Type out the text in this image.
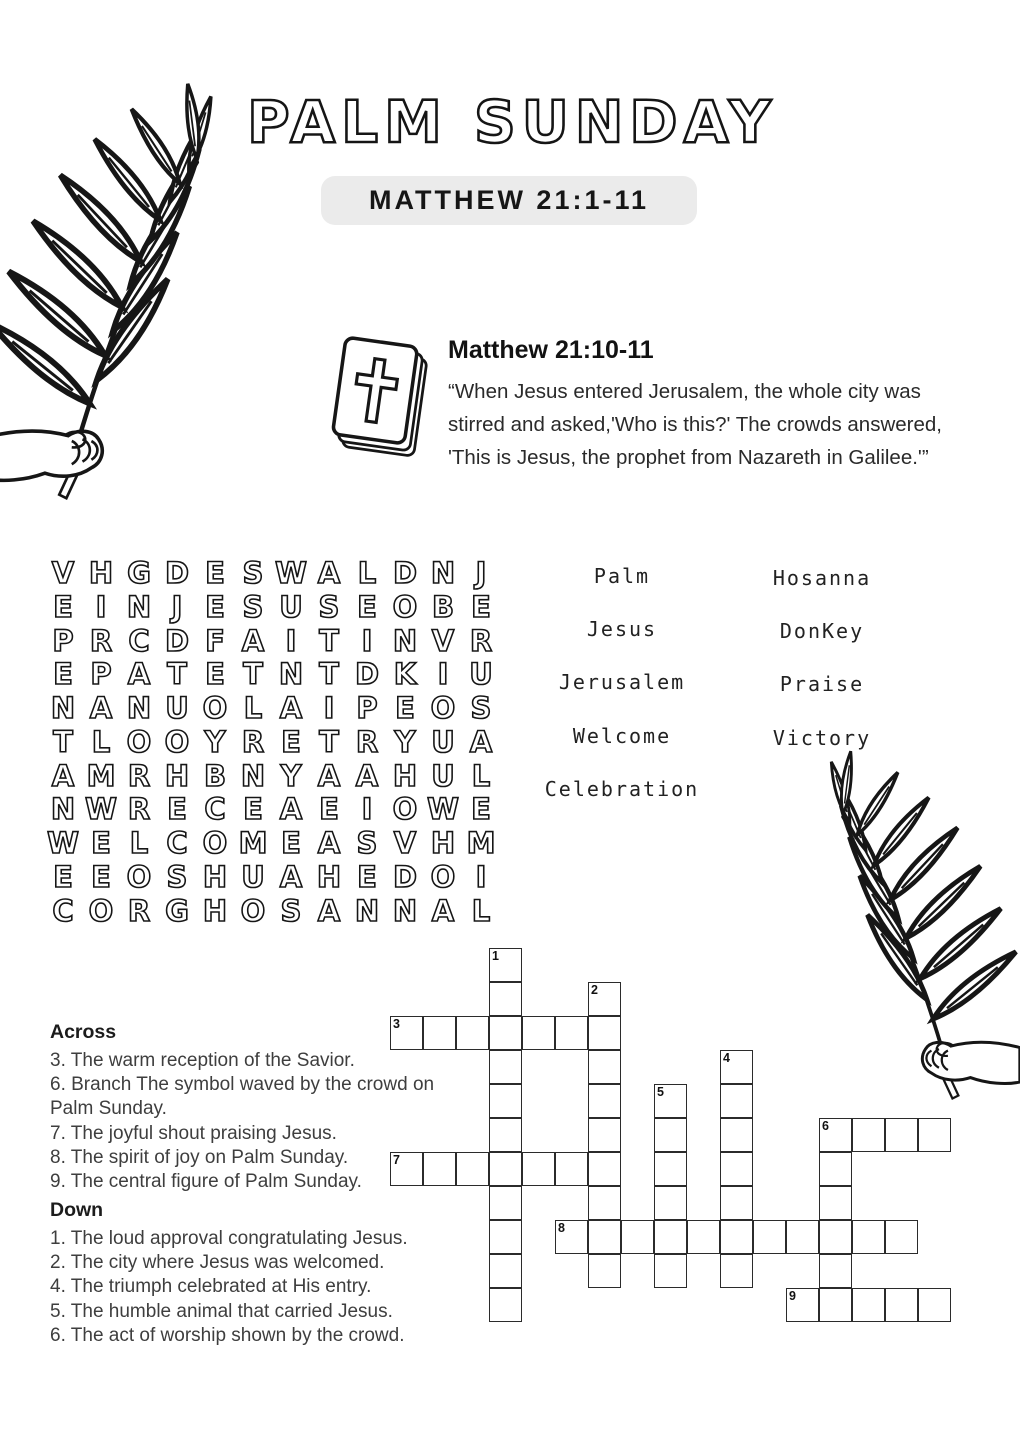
PALM SUNDAY
MATTHEW 21:1-11
Matthew 21:10-11
“When Jesus entered Jerusalem, the whole city was
stirred and asked,'Who is this?' The crowds answered,
'This is Jesus, the prophet from Nazareth in Galilee.'”
V H G D E S W A L D N J
E I N J E S U S E O B E
P R C D F A I T I N V R
E P A T E T N T D K I U
N A N U O L A I P E O S
T L O O Y R E T R Y U A
A M R H B N Y A A H U L
N W R E C E A E I O W E
W E L C O M E A S V H M
E E O S H U A H E D O I
C O R G H O S A N N A L
Palm
Jesus
Jerusalem
Welcome
Celebration
Hosanna
DonKey
Praise
Victory
1
2
3
4
5
6
7
8
9
Across
3. The warm reception of the Savior.
6. Branch The symbol waved by the crowd on Palm Sunday.
7. The joyful shout praising Jesus.
8. The spirit of joy on Palm Sunday.
9. The central figure of Palm Sunday.
Down
1. The loud approval congratulating Jesus.
2. The city where Jesus was welcomed.
4. The triumph celebrated at His entry.
5. The humble animal that carried Jesus.
6. The act of worship shown by the crowd.
